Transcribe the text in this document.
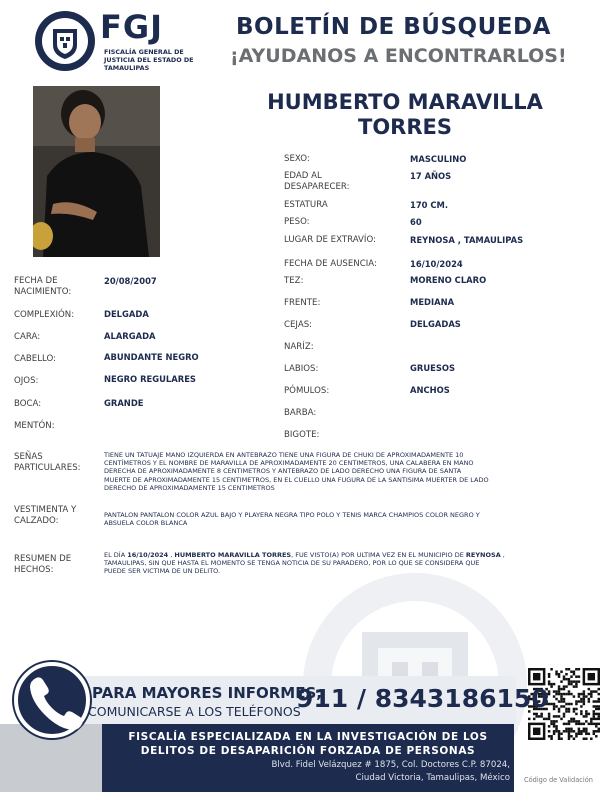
FGJ
FISCALÍA GENERAL DE JUSTICIA DEL ESTADO DE TAMAULIPAS
BOLETÍN DE BÚSQUEDA
¡AYUDANOS A ENCONTRARLOS!
HUMBERTO MARAVILLA
TORRES
SEXO:	MASCULINO
EDAD AL
DESAPARECER:
17 AÑOS
ESTATURA	170 CM.
PESO:	60
LUGAR DE EXTRAVÍO:	REYNOSA , TAMAULIPAS
FECHA DE AUSENCIA:	16/10/2024
TEZ:	MORENO CLARO
FRENTE:	MEDIANA
CEJAS:	DELGADAS
NARÍZ:
LABIOS:	GRUESOS
PÓMULOS:	ANCHOS
BARBA:
BIGOTE:
FECHA DE
NACIMIENTO:
20/08/2007
COMPLEXIÓN:	DELGADA
CARA:	ALARGADA
CABELLO:	ABUNDANTE NEGRO
OJOS:	NEGRO REGULARES
BOCA:	GRANDE
MENTÓN:
SEÑAS
PARTICULARES:
TIENE UN TATUAJE MANO IZQUIERDA EN ANTEBRAZO TIENE UNA FIGURA DE CHUKI DE APROXIMADAMENTE 10
CENTÍMETROS Y EL NOMBRE DE MARAVILLA DE APROXIMADAMENTE 20 CENTIMETROS, UNA CALABERA EN MANO
DERECHA DE APROXIMADAMENTE 8 CENTIMETROS Y ANTEBRAZO DE LADO DERECHO UNA FIGURA DE SANTA
MUERTE DE APROXIMADAMENTE 15 CENTIMETROS, EN EL CUELLO UNA FUGURA DE LA SANTISIMA MUERTER DE LADO
DERECHO DE APROXIMADAMENTE 15 CENTIMETROS
VESTIMENTA Y
CALZADO:
PANTALON PANTALON COLOR AZUL BAJO Y PLAYERA NEGRA TIPO POLO Y TENIS MARCA CHAMPIOS COLOR NEGRO Y
ABSUELA COLOR BLANCA
RESUMEN DE
HECHOS:
EL DÍA 16/10/2024 , HUMBERTO MARAVILLA TORRES, FUE VISTO(A) POR ULTIMA VEZ EN EL MUNICIPIO DE REYNOSA ,
TAMAULIPAS, SIN QUE HASTA EL MOMENTO SE TENGA NOTICIA DE SU PARADERO, POR LO QUE SE CONSIDERA QUE
PUEDE SER VICTIMA DE UN DELITO.
PARA MAYORES INFORMES,
COMUNICARSE A LOS TELÉFONOS
911 / 8343186150
FISCALÍA ESPECIALIZADA EN LA INVESTIGACIÓN DE LOS
DELITOS DE DESAPARICIÓN FORZADA DE PERSONAS
Blvd. Fidel Velázquez # 1875, Col. Doctores C.P. 87024,
Ciudad Victoria, Tamaulipas, México Código de Validación
